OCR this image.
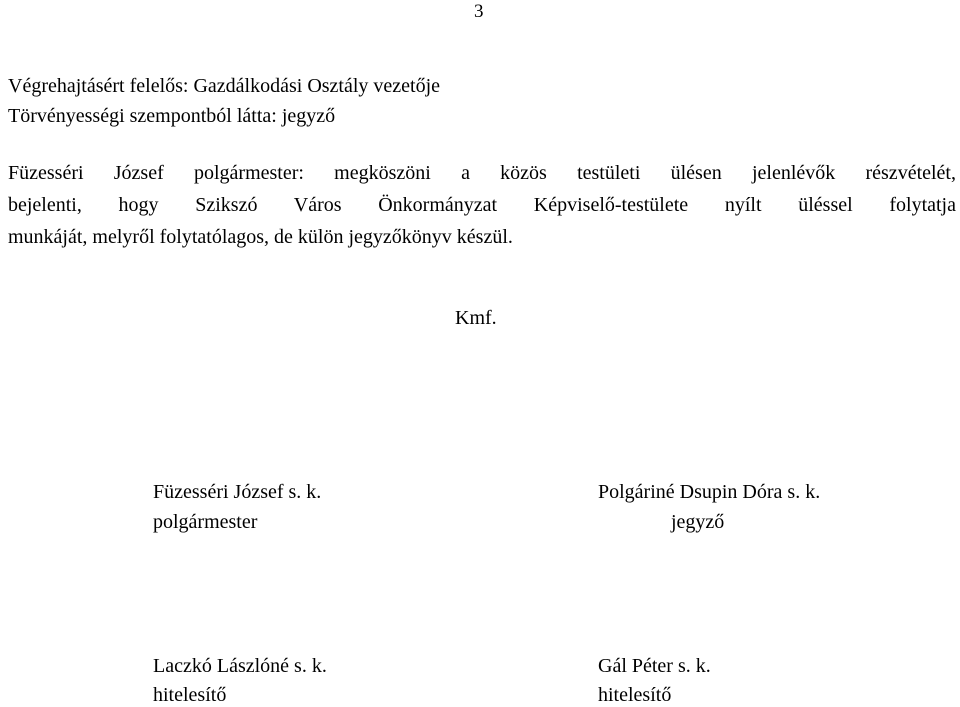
3
Végrehajtásért felelős: Gazdálkodási Osztály vezetője
Törvényességi szempontból látta: jegyző
Füzesséri József polgármester: megköszöni a közös testületi ülésen jelenlévők részvételét,
bejelenti, hogy Szikszó Város Önkormányzat Képviselő-testülete nyílt üléssel folytatja
munkáját, melyről folytatólagos, de külön jegyzőkönyv készül.
Kmf.
Füzesséri József s. k.
polgármester
Polgáriné Dsupin Dóra s. k.
jegyző
Laczkó Lászlóné s. k.
hitelesítő
Gál Péter s. k.
hitelesítő
